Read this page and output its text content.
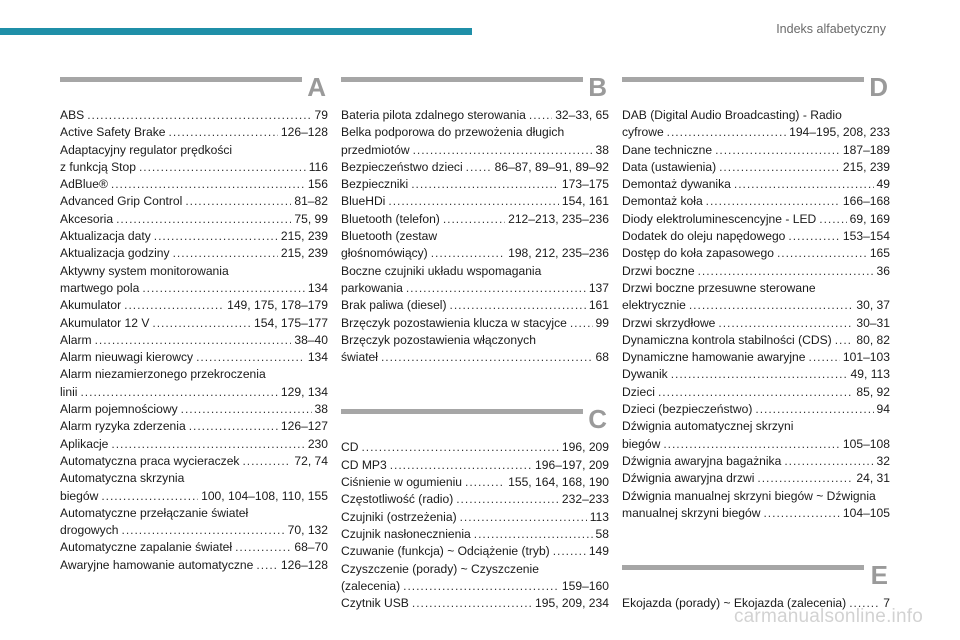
Indeks alfabetyczny
A
ABS . . .	79
Active Safety Brake . . .	126–128
Adaptacyjny regulator prędkości
z funkcją Stop . . .	116
AdBlue® . . .	156
Advanced Grip Control . . .	81–82
Akcesoria . . .	75, 99
Aktualizacja daty . . .	215, 239
Aktualizacja godziny . . .	215, 239
Aktywny system monitorowania
martwego pola . . .	134
Akumulator . . .	149, 175, 178–179
Akumulator 12 V . . .	154, 175–177
Alarm . . .	38–40
Alarm nieuwagi kierowcy . . .	134
Alarm niezamierzonego przekroczenia
linii . . .	129, 134
Alarm pojemnościowy . . .	38
Alarm ryzyka zderzenia . . .	126–127
Aplikacje . . .	230
Automatyczna praca wycieraczek . . .	72, 74
Automatyczna skrzynia
biegów . . .	100, 104–108, 110, 155
Automatyczne przełączanie świateł
drogowych . . .	70, 132
Automatyczne zapalanie świateł . . .	68–70
Awaryjne hamowanie automatyczne . . . 126–128
B
Bateria pilota zdalnego sterowania . . . 32–33, 65
Belka podporowa do przewożenia długich
przedmiotów . . .	38
Bezpieczeństwo dzieci . . .	86–87, 89–91, 89–92
Bezpieczniki . . .	173–175
BlueHDi . . .	154, 161
Bluetooth (telefon) . . .	212–213, 235–236
Bluetooth (zestaw
głośnomówiący) . . .	198, 212, 235–236
Boczne czujniki układu wspomagania
parkowania . . .	137
Brak paliwa (diesel) . . .	161
Brzęczyk pozostawienia klucza w stacyjce . . . 99
Brzęczyk pozostawienia włączonych
świateł . . .	68
C
CD . . .	196, 209
CD MP3 . . .	196–197, 209
Ciśnienie w ogumieniu . . .	155, 164, 168, 190
Częstotliwość (radio) . . .	232–233
Czujniki (ostrzeżenia) . . .	113
Czujnik nasłonecznienia . . .	58
Czuwanie (funkcja) ~ Odciążenie (tryb) . . .	149
Czyszczenie (porady) ~ Czyszczenie
(zalecenia) . . .	159–160
Czytnik USB . . .	195, 209, 234
D
DAB (Digital Audio Broadcasting) - Radio
cyfrowe . . .	194–195, 208, 233
Dane techniczne . . .	187–189
Data (ustawienia) . . .	215, 239
Demontaż dywanika . . .	49
Demontaż koła . . .	166–168
Diody elektroluminescencyjne - LED . . .	69, 169
Dodatek do oleju napędowego . . .	153–154
Dostęp do koła zapasowego . . .	165
Drzwi boczne . . .	36
Drzwi boczne przesuwne sterowane
elektrycznie . . .	30, 37
Drzwi skrzydłowe . . .	30–31
Dynamiczna kontrola stabilności (CDS) . . . 80, 82
Dynamiczne hamowanie awaryjne . . .	101–103
Dywanik . . .	49, 113
Dzieci . . .	85, 92
Dzieci (bezpieczeństwo) . . .	94
Dźwignia automatycznej skrzyni
biegów . . .	105–108
Dźwignia awaryjna bagażnika . . .	32
Dźwignia awaryjna drzwi . . .	24, 31
Dźwignia manualnej skrzyni biegów ~ Dźwignia
manualnej skrzyni biegów . . .	104–105
E
Ekojazda (porady) ~ Ekojazda (zalecenia) . . .	7
carmanualsonline.info
